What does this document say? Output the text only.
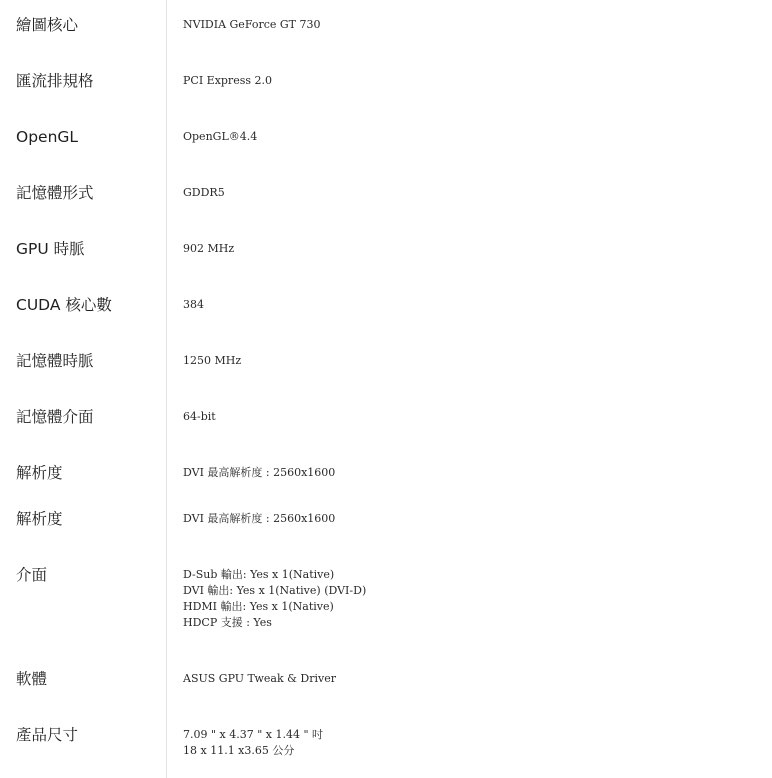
繪圖核心	NVIDIA GeForce GT 730
匯流排規格	PCI Express 2.0
OpenGL	OpenGL®4.4
記憶體形式	GDDR5
GPU 時脈	902 MHz
CUDA 核心數	384
記憶體時脈	1250 MHz
記憶體介面	64-bit
解析度	DVI 最高解析度 : 2560x1600
解析度	DVI 最高解析度 : 2560x1600
介面	D-Sub 輸出: Yes x 1(Native)
DVI 輸出: Yes x 1(Native) (DVI-D)
HDMI 輸出: Yes x 1(Native)
HDCP 支援 : Yes
軟體	ASUS GPU Tweak & Driver
產品尺寸	7.09 " x 4.37 " x 1.44 " 吋
18 x 11.1 x3.65 公分
